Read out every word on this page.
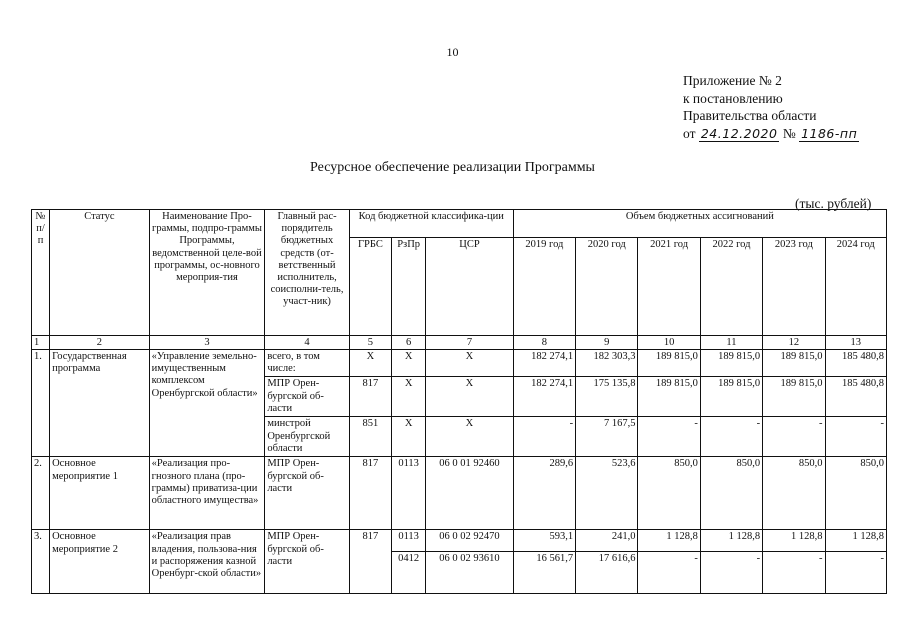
10
Приложение № 2
к постановлению
Правительства области
от 24.12.2020 № 1186-пп
Ресурсное обеспечение реализации Программы
(тыс. рублей)
№ п/п	Статус	Наименование Про-граммы, подпро-граммы Программы, ведомственной целе-вой программы, ос-новного мероприя-тия	Главный рас-порядитель бюджетных средств (от-ветственный исполнитель, соисполни-тель, участ-ник)	Код бюджетной классифика-ции			Объем бюджетных ассигнований					
				ГРБС	РзПр	ЦСР	2019 год	2020 год	2021 год	2022 год	2023 год	2024 год
1	2	3	4	5	6	7	8	9	10	11	12	13
1.	Государственная программа	«Управление земельно-имущественным комплексом Оренбургской области»	всего, в том числе:	Х	Х	Х	182 274,1	182 303,3	189 815,0	189 815,0	189 815,0	185 480,8
			МПР Орен-бургской об-ласти	817	Х	Х	182 274,1	175 135,8	189 815,0	189 815,0	189 815,0	185 480,8
			минстрой Оренбургской области	851	Х	Х	-	7 167,5	-	-	-	-
2.	Основное мероприятие 1	«Реализация про-гнозного плана (про-граммы) приватиза-ции областного имущества»	МПР Орен-бургской об-ласти	817	0113	06 0 01 92460	289,6	523,6	850,0	850,0	850,0	850,0
3.	Основное мероприятие 2	«Реализация прав владения, пользова-ния и распоряжения казной Оренбург-ской области»	МПР Орен-бургской об-ласти	817	0113	06 0 02 92470	593,1	241,0	1 128,8	1 128,8	1 128,8	1 128,8
					0412	06 0 02 93610	16 561,7	17 616,6	-	-	-	-
